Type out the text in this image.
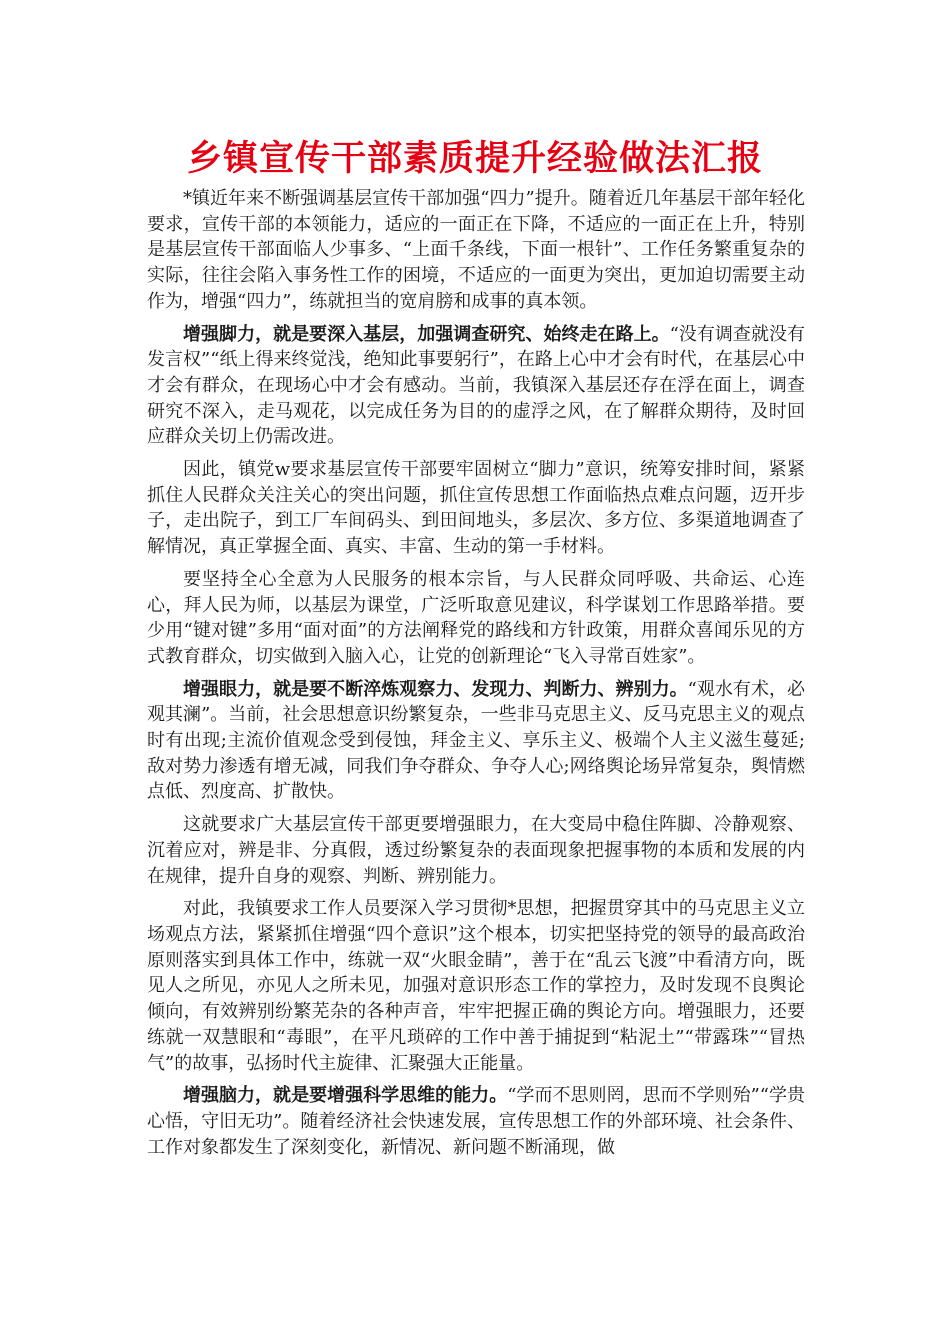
乡镇宣传干部素质提升经验做法汇报

*镇近年来不断强调基层宣传干部加强“四力”提升。随着近几年基层干部年轻化要求，宣传干部的本领能力，适应的一面正在下降，不适应的一面正在上升，特别是基层宣传干部面临人少事多、“上面千条线，下面一根针”、工作任务繁重复杂的实际，往往会陷入事务性工作的困境，不适应的一面更为突出，更加迫切需要主动作为，增强“四力”，练就担当的宽肩膀和成事的真本领。

增强脚力，就是要深入基层，加强调查研究、始终走在路上。“没有调查就没有发言权”“纸上得来终觉浅，绝知此事要躬行”，在路上心中才会有时代，在基层心中才会有群众，在现场心中才会有感动。当前，我镇深入基层还存在浮在面上，调查研究不深入，走马观花，以完成任务为目的的虚浮之风，在了解群众期待，及时回应群众关切上仍需改进。

因此，镇党w要求基层宣传干部要牢固树立“脚力”意识，统筹安排时间，紧紧抓住人民群众关注关心的突出问题，抓住宣传思想工作面临热点难点问题，迈开步子，走出院子，到工厂车间码头、到田间地头，多层次、多方位、多渠道地调查了解情况，真正掌握全面、真实、丰富、生动的第一手材料。

要坚持全心全意为人民服务的根本宗旨，与人民群众同呼吸、共命运、心连心，拜人民为师，以基层为课堂，广泛听取意见建议，科学谋划工作思路举措。要少用“键对键”多用“面对面”的方法阐释党的路线和方针政策，用群众喜闻乐见的方式教育群众，切实做到入脑入心，让党的创新理论“飞入寻常百姓家”。

增强眼力，就是要不断淬炼观察力、发现力、判断力、辨别力。“观水有术，必观其澜”。当前，社会思想意识纷繁复杂，一些非马克思主义、反马克思主义的观点时有出现;主流价值观念受到侵蚀，拜金主义、享乐主义、极端个人主义滋生蔓延;敌对势力渗透有增无减，同我们争夺群众、争夺人心;网络舆论场异常复杂，舆情燃点低、烈度高、扩散快。

这就要求广大基层宣传干部更要增强眼力，在大变局中稳住阵脚、冷静观察、沉着应对，辨是非、分真假，透过纷繁复杂的表面现象把握事物的本质和发展的内在规律，提升自身的观察、判断、辨别能力。

对此，我镇要求工作人员要深入学习贯彻*思想，把握贯穿其中的马克思主义立场观点方法，紧紧抓住增强“四个意识”这个根本，切实把坚持党的领导的最高政治原则落实到具体工作中，练就一双“火眼金睛”，善于在“乱云飞渡”中看清方向，既见人之所见，亦见人之所未见，加强对意识形态工作的掌控力，及时发现不良舆论倾向，有效辨别纷繁芜杂的各种声音，牢牢把握正确的舆论方向。增强眼力，还要练就一双慧眼和“毒眼”，在平凡琐碎的工作中善于捕捉到“粘泥土”“带露珠”“冒热气”的故事，弘扬时代主旋律、汇聚强大正能量。

增强脑力，就是要增强科学思维的能力。“学而不思则罔，思而不学则殆”“学贵心悟，守旧无功”。随着经济社会快速发展，宣传思想工作的外部环境、社会条件、工作对象都发生了深刻变化，新情况、新问题不断涌现，做
